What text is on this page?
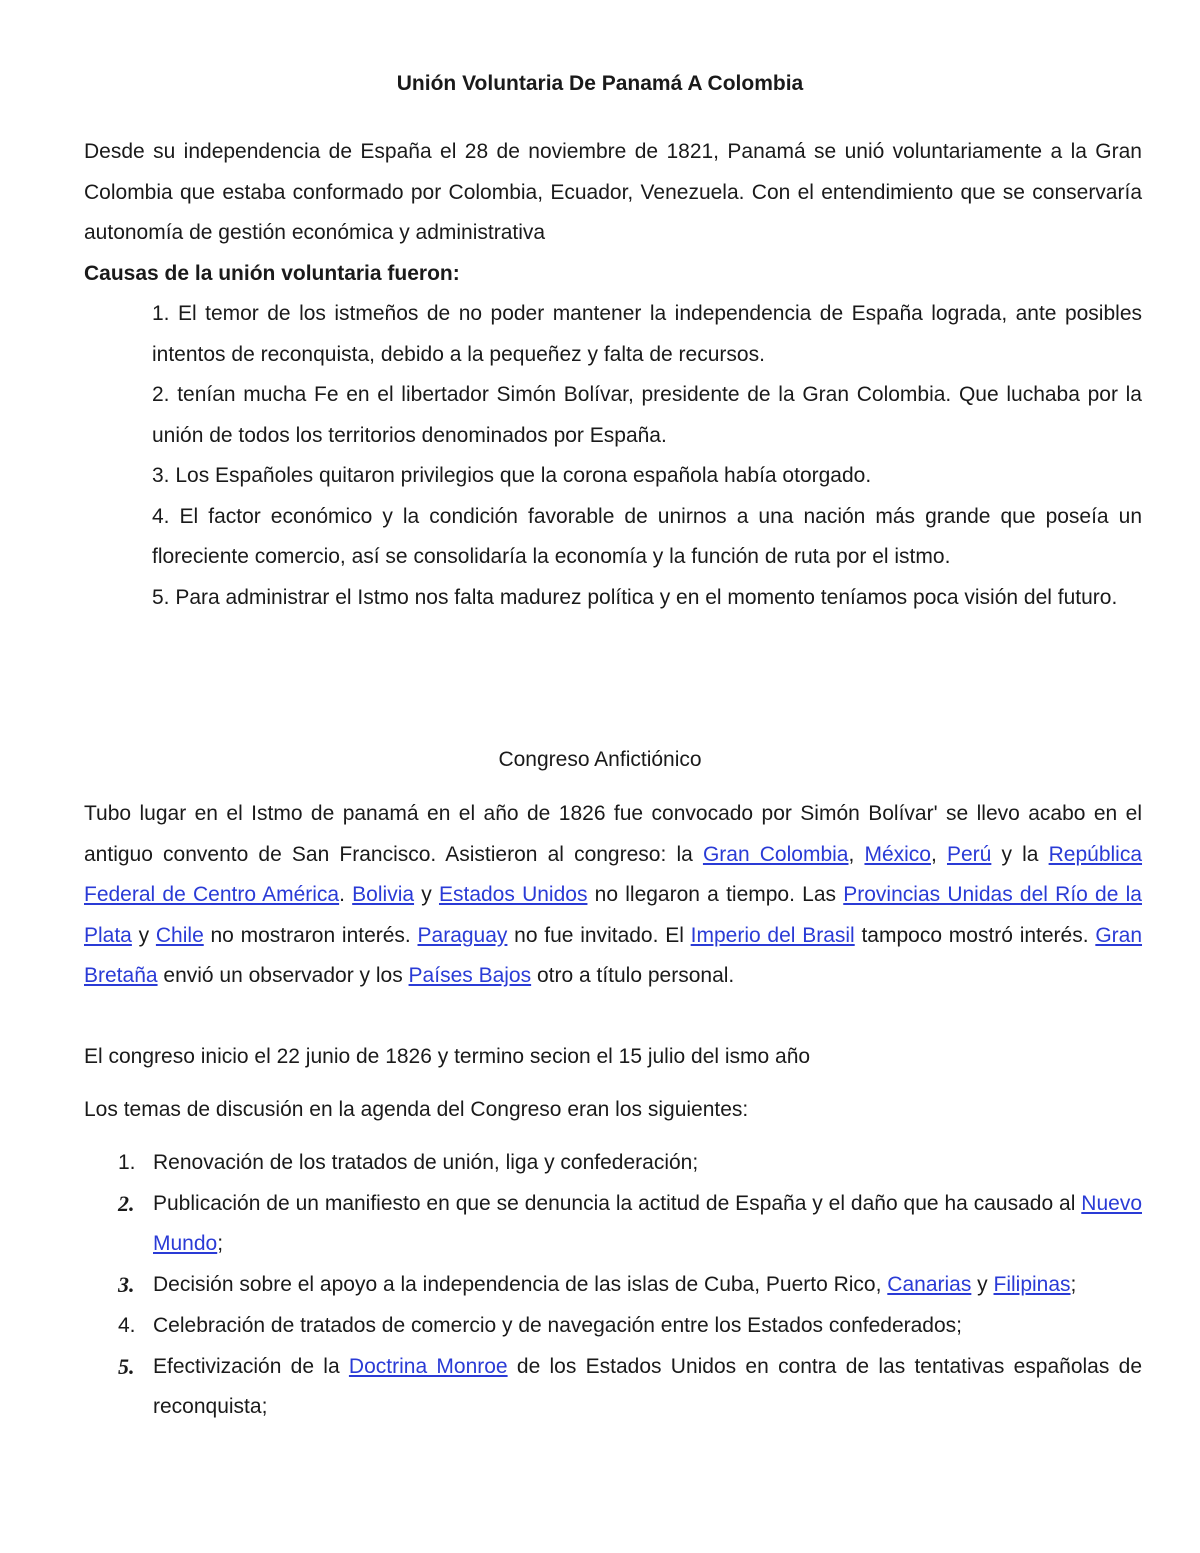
Unión Voluntaria De Panamá A Colombia
Desde su independencia de España el 28 de noviembre de 1821, Panamá se unió voluntariamente a la Gran Colombia que estaba conformado por Colombia, Ecuador, Venezuela. Con el entendimiento que se conservaría autonomía de gestión económica y administrativa
Causas de la unión voluntaria fueron:

1. El temor de los istmeños de no poder mantener la independencia de España lograda, ante posibles intentos de reconquista, debido a la pequeñez y falta de recursos.

2. tenían mucha Fe en el libertador Simón Bolívar, presidente de la Gran Colombia. Que luchaba por la unión de todos los territorios denominados por España.

3. Los Españoles quitaron privilegios que la corona española había otorgado.

4. El factor económico y la condición favorable de unirnos a una nación más grande que poseía un floreciente comercio, así se consolidaría la economía y la función de ruta por el istmo.

5. Para administrar el Istmo nos falta madurez política y en el momento teníamos poca visión del futuro.

Congreso Anfictiónico
Tubo lugar en el Istmo de panamá en el año de 1826 fue convocado por Simón Bolívar' se llevo acabo en el antiguo convento de San Francisco. Asistieron al congreso: la Gran Colombia, México, Perú y la República Federal de Centro América. Bolivia y Estados Unidos no llegaron a tiempo. Las Provincias Unidas del Río de la Plata y Chile no mostraron interés. Paraguay no fue invitado. El Imperio del Brasil tampoco mostró interés. Gran Bretaña envió un observador y los Países Bajos otro a título personal.
El congreso inicio el 22 junio de 1826 y termino secion el 15 julio del ismo año
Los temas de discusión en la agenda del Congreso eran los siguientes:
1. Renovación de los tratados de unión, liga y confederación;
2. Publicación de un manifiesto en que se denuncia la actitud de España y el daño que ha causado al Nuevo Mundo;
3. Decisión sobre el apoyo a la independencia de las islas de Cuba, Puerto Rico, Canarias y Filipinas;
4. Celebración de tratados de comercio y de navegación entre los Estados confederados;
5. Efectivización de la Doctrina Monroe de los Estados Unidos en contra de las tentativas españolas de reconquista;
